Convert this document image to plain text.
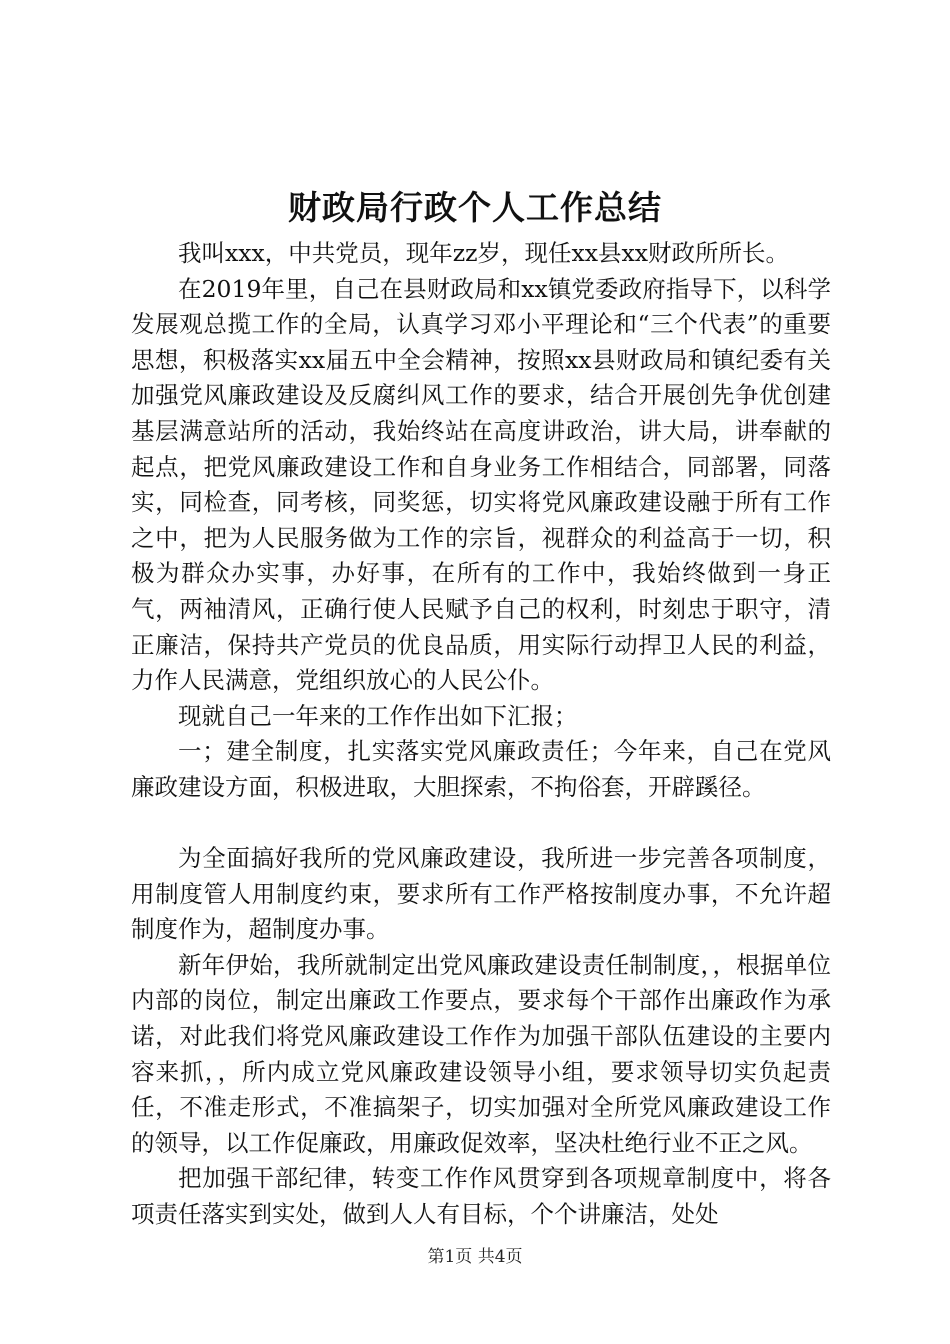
财政局行政个人工作总结

我叫xxx，中共党员，现年zz岁，现任xx县xx财政所所长。

在2019年里，自己在县财政局和xx镇党委政府指导下，以科学发展观总揽工作的全局，认真学习邓小平理论和“三个代表”的重要思想，积极落实xx届五中全会精神，按照xx县财政局和镇纪委有关加强党风廉政建设及反腐纠风工作的要求，结合开展创先争优创建基层满意站所的活动，我始终站在高度讲政治，讲大局，讲奉献的起点，把党风廉政建设工作和自身业务工作相结合，同部署，同落实，同检查，同考核，同奖惩，切实将党风廉政建设融于所有工作之中，把为人民服务做为工作的宗旨，视群众的利益高于一切，积极为群众办实事，办好事，在所有的工作中，我始终做到一身正气，两袖清风，正确行使人民赋予自己的权利，时刻忠于职守，清正廉洁，保持共产党员的优良品质，用实际行动捍卫人民的利益，力作人民满意，党组织放心的人民公仆。

现就自己一年来的工作作出如下汇报；

一；建全制度，扎实落实党风廉政责任；今年来，自己在党风廉政建设方面，积极进取，大胆探索，不拘俗套，开辟蹊径。

为全面搞好我所的党风廉政建设，我所进一步完善各项制度，用制度管人用制度约束，要求所有工作严格按制度办事，不允许超制度作为，超制度办事。

新年伊始，我所就制定出党风廉政建设责任制制度，，根据单位内部的岗位，制定出廉政工作要点，要求每个干部作出廉政作为承诺，对此我们将党风廉政建设工作作为加强干部队伍建设的主要内容来抓，，所内成立党风廉政建设领导小组，要求领导切实负起责任，不准走形式，不准搞架子，切实加强对全所党风廉政建设工作的领导，以工作促廉政，用廉政促效率，坚决杜绝行业不正之风。

把加强干部纪律，转变工作作风贯穿到各项规章制度中，将各项责任落实到实处，做到人人有目标，个个讲廉洁，处处

第1页 共4页
